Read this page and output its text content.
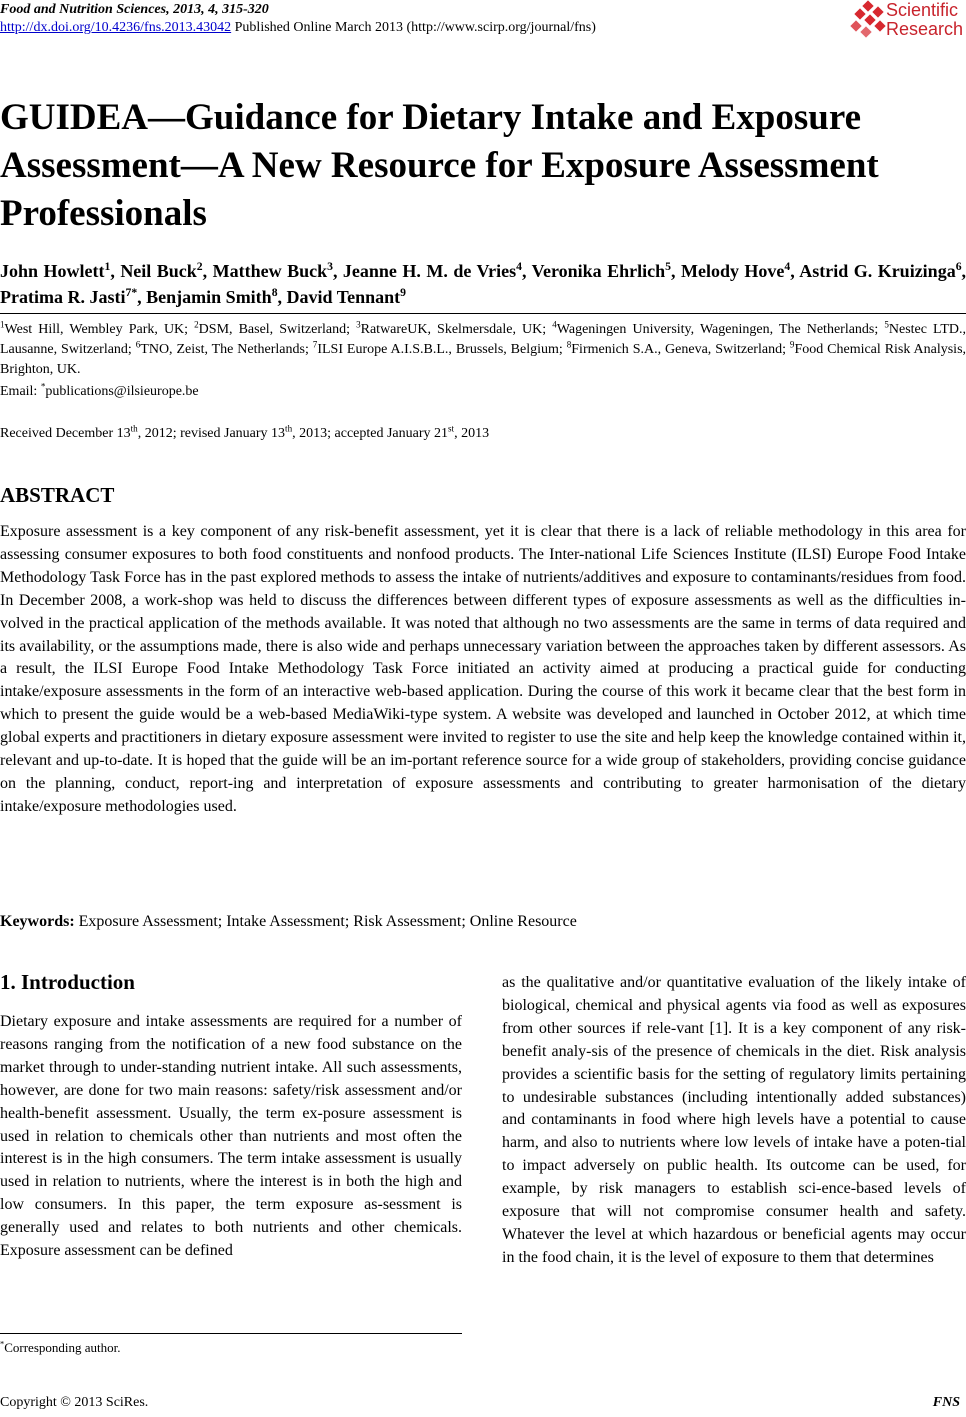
Food and Nutrition Sciences, 2013, 4, 315-320
http://dx.doi.org/10.4236/fns.2013.43042 Published Online March 2013 (http://www.scirp.org/journal/fns)
Scientific
Research
GUIDEA—Guidance for Dietary Intake and Exposure Assessment—A New Resource for Exposure Assessment Professionals
John Howlett$^1$, Neil Buck$^2$, Matthew Buck$^3$, Jeanne H. M. de Vries$^4$, Veronika Ehrlich$^5$, Melody Hove$^4$, Astrid G. Kruizinga$^6$, Pratima R. Jasti$^{7*}$, Benjamin Smith$^8$, David Tennant$^9$
$^1$West Hill, Wembley Park, UK; $^2$DSM, Basel, Switzerland; $^3$RatwareUK, Skelmersdale, UK; $^4$Wageningen University, Wageningen, The Netherlands; $^5$Nestec LTD., Lausanne, Switzerland; $^6$TNO, Zeist, The Netherlands; $^7$ILSI Europe A.I.S.B.L., Brussels, Belgium; $^8$Firmenich S.A., Geneva, Switzerland; $^9$Food Chemical Risk Analysis, Brighton, UK.
Email: *publications@ilsieurope.be
Received December 13th, 2012; revised January 13th, 2013; accepted January 21st, 2013
ABSTRACT

Exposure assessment is a key component of any risk-benefit assessment, yet it is clear that there is a lack of reliable methodology in this area for assessing consumer exposures to both food constituents and nonfood products. The Inter-national Life Sciences Institute (ILSI) Europe Food Intake Methodology Task Force has in the past explored methods to assess the intake of nutrients/additives and exposure to contaminants/residues from food. In December 2008, a work-shop was held to discuss the differences between different types of exposure assessments as well as the difficulties in-volved in the practical application of the methods available. It was noted that although no two assessments are the same in terms of data required and its availability, or the assumptions made, there is also wide and perhaps unnecessary variation between the approaches taken by different assessors. As a result, the ILSI Europe Food Intake Methodology Task Force initiated an activity aimed at producing a practical guide for conducting intake/exposure assessments in the form of an interactive web-based application. During the course of this work it became clear that the best form in which to present the guide would be a web-based MediaWiki-type system. A website was developed and launched in October 2012, at which time global experts and practitioners in dietary exposure assessment were invited to register to use the site and help keep the knowledge contained within it, relevant and up-to-date. It is hoped that the guide will be an im-portant reference source for a wide group of stakeholders, providing concise guidance on the planning, conduct, report-ing and interpretation of exposure assessments and contributing to greater harmonisation of the dietary intake/exposure methodologies used.

Keywords: Exposure Assessment; Intake Assessment; Risk Assessment; Online Resource
1. Introduction

Dietary exposure and intake assessments are required for a number of reasons ranging from the notification of a new food substance on the market through to under-standing nutrient intake. All such assessments, however, are done for two main reasons: safety/risk assessment and/or health-benefit assessment. Usually, the term ex-posure assessment is used in relation to chemicals other than nutrients and most often the interest is in the high consumers. The term intake assessment is usually used in relation to nutrients, where the interest is in both the high and low consumers. In this paper, the term exposure as-sessment is generally used and relates to both nutrients and other chemicals. Exposure assessment can be defined

as the qualitative and/or quantitative evaluation of the likely intake of biological, chemical and physical agents via food as well as exposures from other sources if rele-vant [1]. It is a key component of any risk-benefit analy-sis of the presence of chemicals in the diet. Risk analysis provides a scientific basis for the setting of regulatory limits pertaining to undesirable substances (including intentionally added substances) and contaminants in food where high levels have a potential to cause harm, and also to nutrients where low levels of intake have a poten-tial to impact adversely on public health. Its outcome can be used, for example, by risk managers to establish sci-ence-based levels of exposure that will not compromise consumer health and safety. Whatever the level at which hazardous or beneficial agents may occur in the food chain, it is the level of exposure to them that determines

*Corresponding author.
Copyright © 2013 SciRes.	FNS
